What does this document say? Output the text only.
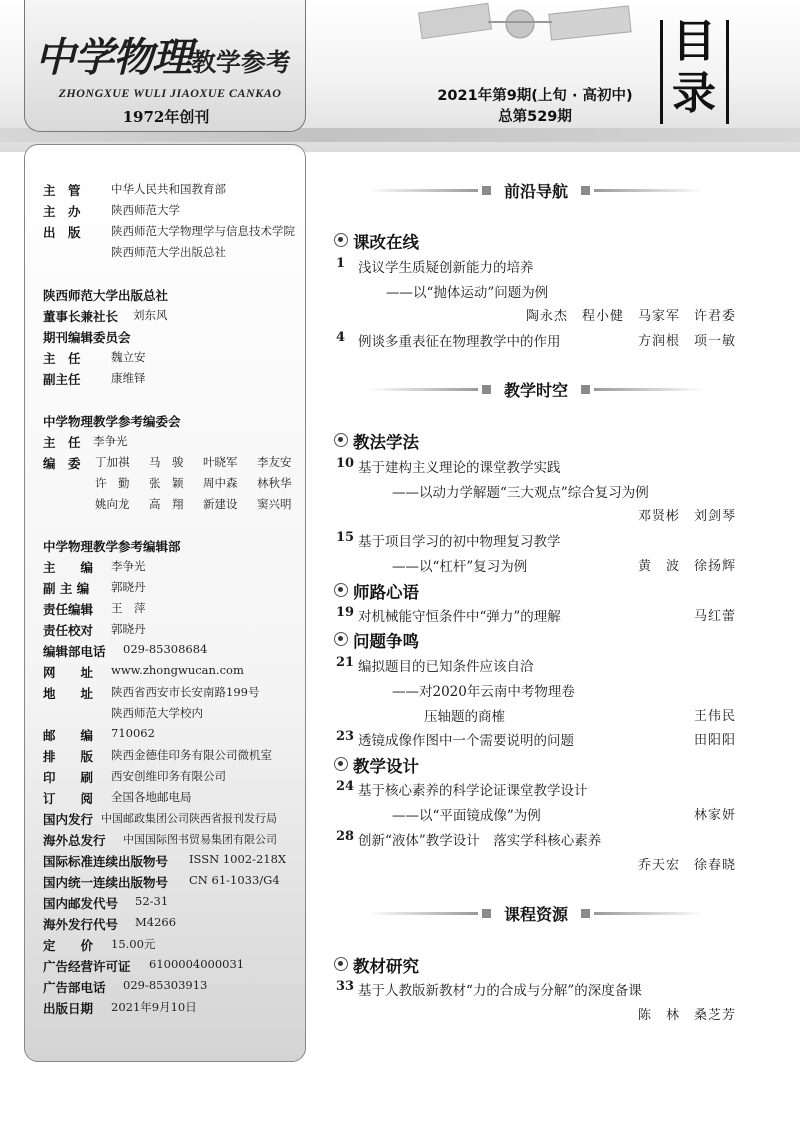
中学物理教学参考
ZHONGXUE WULI JIAOXUE CANKAO
1972年创刊
2021年第9期(上旬 · 高初中)
总第529期
目
录
主　管	中华人民共和国教育部
主　办	陕西师范大学
出　版	陕西师范大学物理学与信息技术学院
陕西师范大学出版总社
陕西师范大学出版总社
董事长兼社长 刘东风
期刊编辑委员会
主　任	魏立安
副主任	康维铎
中学物理教学参考编委会
主　任 李争光
编　委 丁加祺 马　骏 叶晓军 李友安
许　勤 张　颖 周中森 林秋华
姚向龙 高　翔 新建设 窦兴明
中学物理教学参考编辑部
主　　编 李争光
副 主 编 郭晓丹
责任编辑 王　萍
责任校对 郭晓丹
编辑部电话 029-85308684
网　　址 www.zhongwucan.com
地　　址 陕西省西安市长安南路199号
陕西师范大学校内
邮　　编 710062
排　　版 陕西金德佳印务有限公司微机室
印　　刷 西安创维印务有限公司
订　　阅 全国各地邮电局
国内发行 中国邮政集团公司陕西省报刊发行局
海外总发行 中国国际图书贸易集团有限公司
国际标准连续出版物号 ISSN 1002-218X
国内统一连续出版物号 CN 61-1033/G4
国内邮发代号 52-31
海外发行代号 M4266
定　　价 15.00元
广告经营许可证 6100004000031
广告部电话 029-85303913
出版日期 2021年9月10日
前沿导航
课改在线
1 浅议学生质疑创新能力的培养
——以“抛体运动”问题为例
陶永杰　程小健　马家军　许君委
4 例谈多重表征在物理教学中的作用	方润根　项一敏
教学时空
教法学法
10 基于建构主义理论的课堂教学实践
——以动力学解题“三大观点”综合复习为例
邓贤彬　刘剑琴
15 基于项目学习的初中物理复习教学
——以“杠杆”复习为例	黄　波　徐扬辉
师路心语
19 对机械能守恒条件中“弹力”的理解	马红蕾
问题争鸣
21 编拟题目的已知条件应该自洽
——对2020年云南中考物理卷
压轴题的商榷	王伟民
23 透镜成像作图中一个需要说明的问题	田阳阳
教学设计
24 基于核心素养的科学论证课堂教学设计
——以“平面镜成像”为例	林家妍
28 创新“液体”教学设计　落实学科核心素养
乔天宏　徐春晓
课程资源
教材研究
33 基于人教版新教材“力的合成与分解”的深度备课
陈　林　桑芝芳
